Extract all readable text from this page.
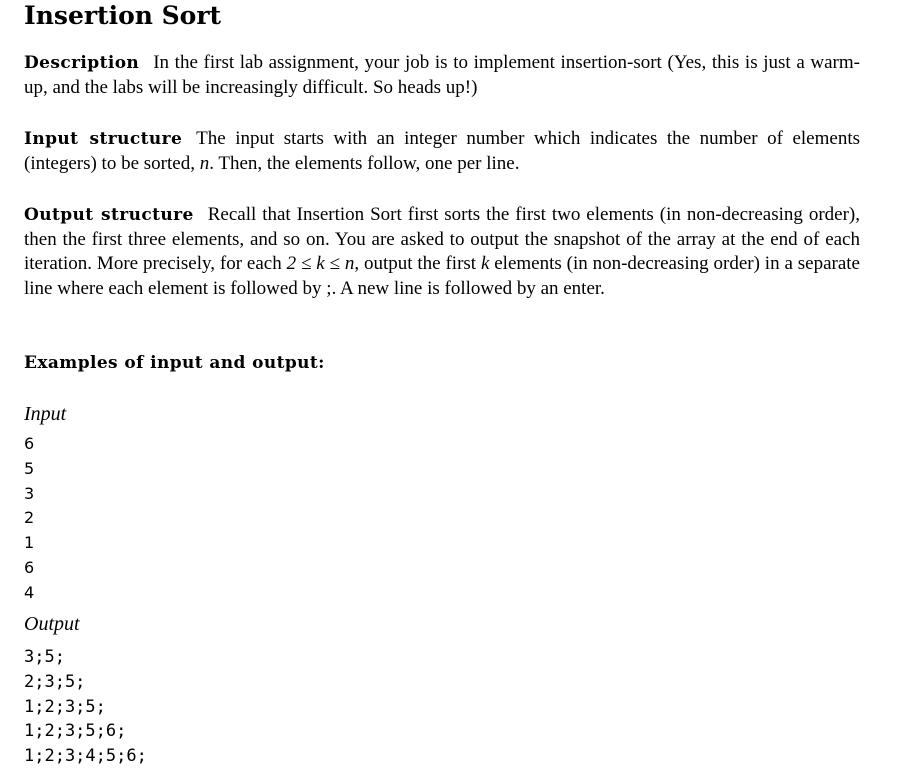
Insertion Sort

Description In the first lab assignment, your job is to implement insertion-sort (Yes, this is just a warm-up, and the labs will be increasingly difficult. So heads up!)

Input structure The input starts with an integer number which indicates the number of elements (integers) to be sorted, n. Then, the elements follow, one per line.

Output structure Recall that Insertion Sort first sorts the first two elements (in non-decreasing order), then the first three elements, and so on. You are asked to output the snapshot of the array at the end of each iteration. More precisely, for each 2 ≤ k ≤ n, output the first k elements (in non-decreasing order) in a separate line where each element is followed by ;. A new line is followed by an enter.

Examples of input and output:
Input
6
5
3
2
1
6
4
Output
3;5;
2;3;5;
1;2;3;5;
1;2;3;5;6;
1;2;3;4;5;6;
